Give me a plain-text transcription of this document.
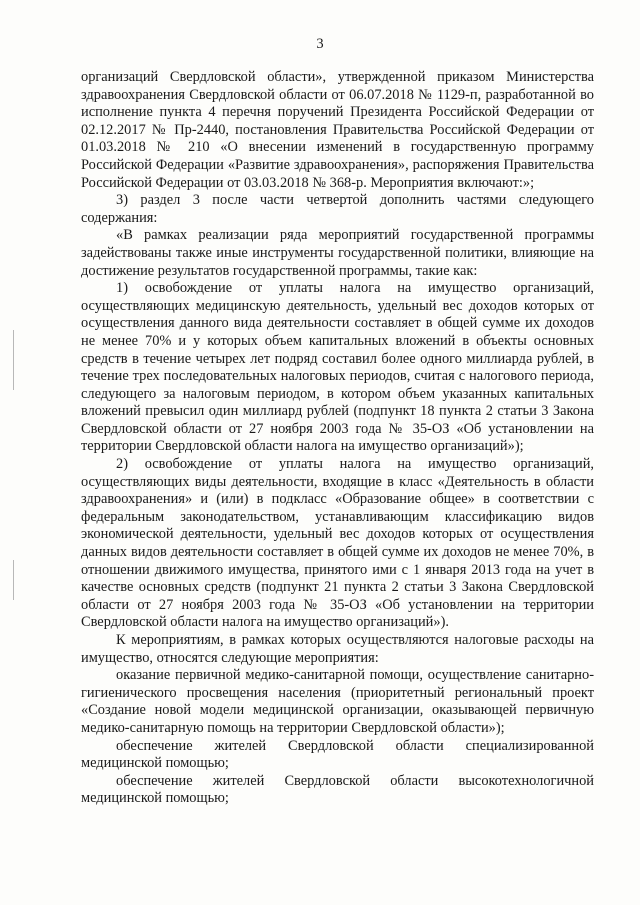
3

организаций Свердловской области», утвержденной приказом Министерства здравоохранения Свердловской области от 06.07.2018 № 1129-п, разработанной во исполнение пункта 4 перечня поручений Президента Российской Федерации от 02.12.2017 № Пр-2440, постановления Правительства Российской Федерации от 01.03.2018 № 210 «О внесении изменений в государственную программу Российской Федерации «Развитие здравоохранения», распоряжения Правительства Российской Федерации от 03.03.2018 № 368-р. Мероприятия включают:»;

3) раздел 3 после части четвертой дополнить частями следующего содержания:

«В рамках реализации ряда мероприятий государственной программы задействованы также иные инструменты государственной политики, влияющие на достижение результатов государственной программы, такие как:

1) освобождение от уплаты налога на имущество организаций, осуществляющих медицинскую деятельность, удельный вес доходов которых от осуществления данного вида деятельности составляет в общей сумме их доходов не менее 70% и у которых объем капитальных вложений в объекты основных средств в течение четырех лет подряд составил более одного миллиарда рублей, в течение трех последовательных налоговых периодов, считая с налогового периода, следующего за налоговым периодом, в котором объем указанных капитальных вложений превысил один миллиард рублей (подпункт 18 пункта 2 статьи 3 Закона Свердловской области от 27 ноября 2003 года № 35-ОЗ «Об установлении на территории Свердловской области налога на имущество организаций»);

2) освобождение от уплаты налога на имущество организаций, осуществляющих виды деятельности, входящие в класс «Деятельность в области здравоохранения» и (или) в подкласс «Образование общее» в соответствии с федеральным законодательством, устанавливающим классификацию видов экономической деятельности, удельный вес доходов которых от осуществления данных видов деятельности составляет в общей сумме их доходов не менее 70%, в отношении движимого имущества, принятого ими с 1 января 2013 года на учет в качестве основных средств (подпункт 21 пункта 2 статьи 3 Закона Свердловской области от 27 ноября 2003 года № 35-ОЗ «Об установлении на территории Свердловской области налога на имущество организаций»).

К мероприятиям, в рамках которых осуществляются налоговые расходы на имущество, относятся следующие мероприятия:

оказание первичной медико-санитарной помощи, осуществление санитарно-гигиенического просвещения населения (приоритетный региональный проект «Создание новой модели медицинской организации, оказывающей первичную медико-санитарную помощь на территории Свердловской области»);

обеспечение жителей Свердловской области специализированной медицинской помощью;

обеспечение жителей Свердловской области высокотехнологичной медицинской помощью;
